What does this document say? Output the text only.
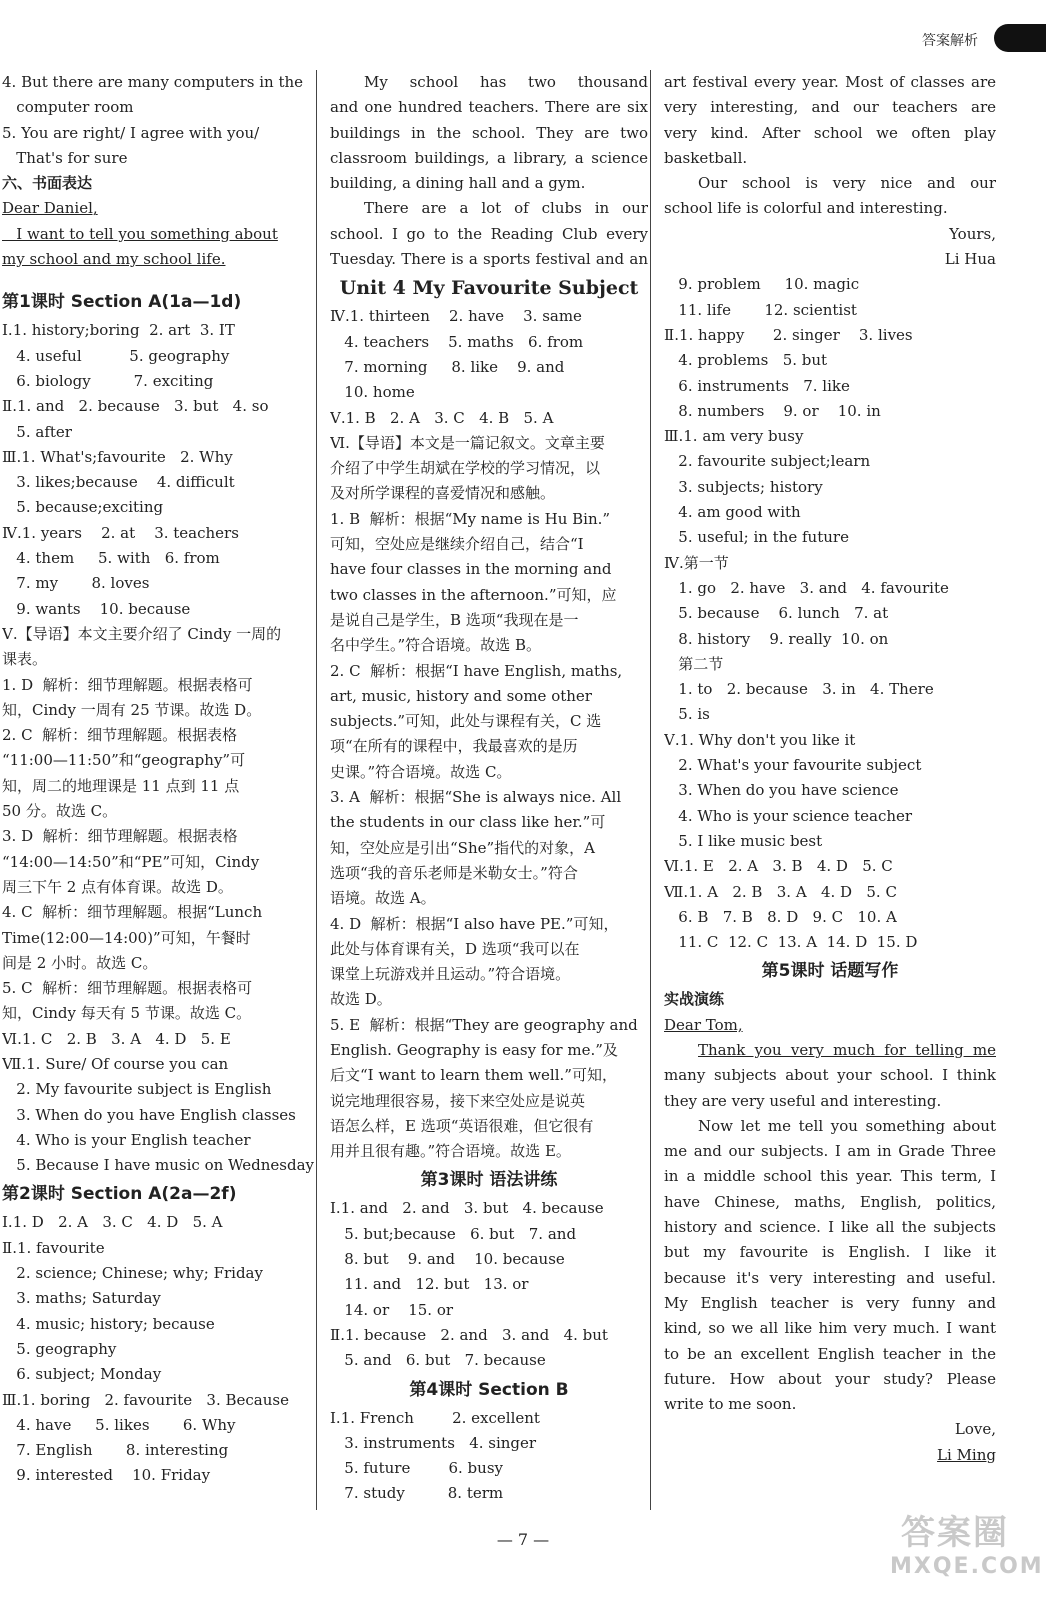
答案解析
4. But there are many computers in the
computer room
5. You are right/ I agree with you/
That's for sure
六、书面表达
Dear Daniel,
I want to tell you something about
my school and my school life.
第1课时 Section A(1a—1d)
Ⅰ.1. history;boring  2. art  3. IT
4. useful          5. geography
6. biology         7. exciting
Ⅱ.1. and   2. because   3. but   4. so
5. after
Ⅲ.1. What's;favourite   2. Why
3. likes;because    4. difficult
5. because;exciting
Ⅳ.1. years    2. at    3. teachers
4. them     5. with   6. from
7. my       8. loves
9. wants    10. because
Ⅴ.【导语】本文主要介绍了 Cindy 一周的
课表。
1. D  解析：细节理解题。根据表格可
知，Cindy 一周有 25 节课。故选 D。
2. C  解析：细节理解题。根据表格
“11:00—11:50”和“geography”可
知，周二的地理课是 11 点到 11 点
50 分。故选 C。
3. D  解析：细节理解题。根据表格
“14:00—14:50”和“PE”可知，Cindy
周三下午 2 点有体育课。故选 D。
4. C  解析：细节理解题。根据“Lunch
Time(12:00—14:00)”可知，午餐时
间是 2 小时。故选 C。
5. C  解析：细节理解题。根据表格可
知，Cindy 每天有 5 节课。故选 C。
Ⅵ.1. C   2. B   3. A   4. D   5. E
Ⅶ.1. Sure/ Of course you can
2. My favourite subject is English
3. When do you have English classes
4. Who is your English teacher
5. Because I have music on Wednesday
第2课时 Section A(2a—2f)
Ⅰ.1. D   2. A   3. C   4. D   5. A
Ⅱ.1. favourite
2. science; Chinese; why; Friday
3. maths; Saturday
4. music; history; because
5. geography
6. subject; Monday
Ⅲ.1. boring   2. favourite   3. Because
4. have     5. likes       6. Why
7. English       8. interesting
9. interested    10. Friday
My school has two thousand
and one hundred teachers. There are six
buildings in the school. They are two
classroom buildings, a library, a science
building, a dining hall and a gym.
There are a lot of clubs in our
school. I go to the Reading Club every
Tuesday. There is a sports festival and an
Unit 4 My Favourite Subject
Ⅳ.1. thirteen    2. have    3. same
4. teachers    5. maths   6. from
7. morning     8. like    9. and
10. home
Ⅴ.1. B   2. A   3. C   4. B   5. A
Ⅵ.【导语】本文是一篇记叙文。文章主要
介绍了中学生胡斌在学校的学习情况，以
及对所学课程的喜爱情况和感触。
1. B  解析：根据“My name is Hu Bin.”
可知，空处应是继续介绍自己，结合“I
have four classes in the morning and
two classes in the afternoon.”可知，应
是说自己是学生，B 选项“我现在是一
名中学生。”符合语境。故选 B。
2. C  解析：根据“I have English, maths,
art, music, history and some other
subjects.”可知，此处与课程有关，C 选
项“在所有的课程中，我最喜欢的是历
史课。”符合语境。故选 C。
3. A  解析：根据“She is always nice. All
the students in our class like her.”可
知，空处应是引出“She”指代的对象，A
选项“我的音乐老师是米勒女士。”符合
语境。故选 A。
4. D  解析：根据“I also have PE.”可知，
此处与体育课有关，D 选项“我可以在
课堂上玩游戏并且运动。”符合语境。
故选 D。
5. E  解析：根据“They are geography and
English. Geography is easy for me.”及
后文“I want to learn them well.”可知，
说完地理很容易，接下来空处应是说英
语怎么样，E 选项“英语很难，但它很有
用并且很有趣。”符合语境。故选 E。
第3课时 语法讲练
Ⅰ.1. and   2. and   3. but   4. because
5. but;because   6. but   7. and
8. but    9. and    10. because
11. and   12. but   13. or
14. or    15. or
Ⅱ.1. because   2. and   3. and   4. but
5. and   6. but   7. because
第4课时 Section B
Ⅰ.1. French        2. excellent
3. instruments   4. singer
5. future        6. busy
7. study         8. term
art festival every year. Most of classes are
very interesting, and our teachers are
very kind. After school we often play
basketball.
Our school is very nice and our
school life is colorful and interesting.
Yours,
Li Hua
9. problem     10. magic
11. life       12. scientist
Ⅱ.1. happy      2. singer    3. lives
4. problems   5. but
6. instruments   7. like
8. numbers    9. or    10. in
Ⅲ.1. am very busy
2. favourite subject;learn
3. subjects; history
4. am good with
5. useful; in the future
Ⅳ.第一节
1. go   2. have   3. and   4. favourite
5. because    6. lunch   7. at
8. history    9. really  10. on
第二节
1. to   2. because   3. in   4. There
5. is
Ⅴ.1. Why don't you like it
2. What's your favourite subject
3. When do you have science
4. Who is your science teacher
5. I like music best
Ⅵ.1. E   2. A   3. B   4. D   5. C
Ⅶ.1. A   2. B   3. A   4. D   5. C
6. B   7. B   8. D   9. C   10. A
11. C  12. C  13. A  14. D  15. D
第5课时 话题写作
实战演练
Dear Tom,
Thank you very much for telling me
many subjects about your school. I think
they are very useful and interesting.
Now let me tell you something about
me and our subjects. I am in Grade Three
in a middle school this year. This term, I
have Chinese, maths, English, politics,
history and science. I like all the subjects
but my favourite is English. I like it
because it's very interesting and useful.
My English teacher is very funny and
kind, so we all like him very much. I want
to be an excellent English teacher in the
future. How about your study? Please
write to me soon.
Love,
Li Ming
— 7 —	答案圈
MXQE.COM
